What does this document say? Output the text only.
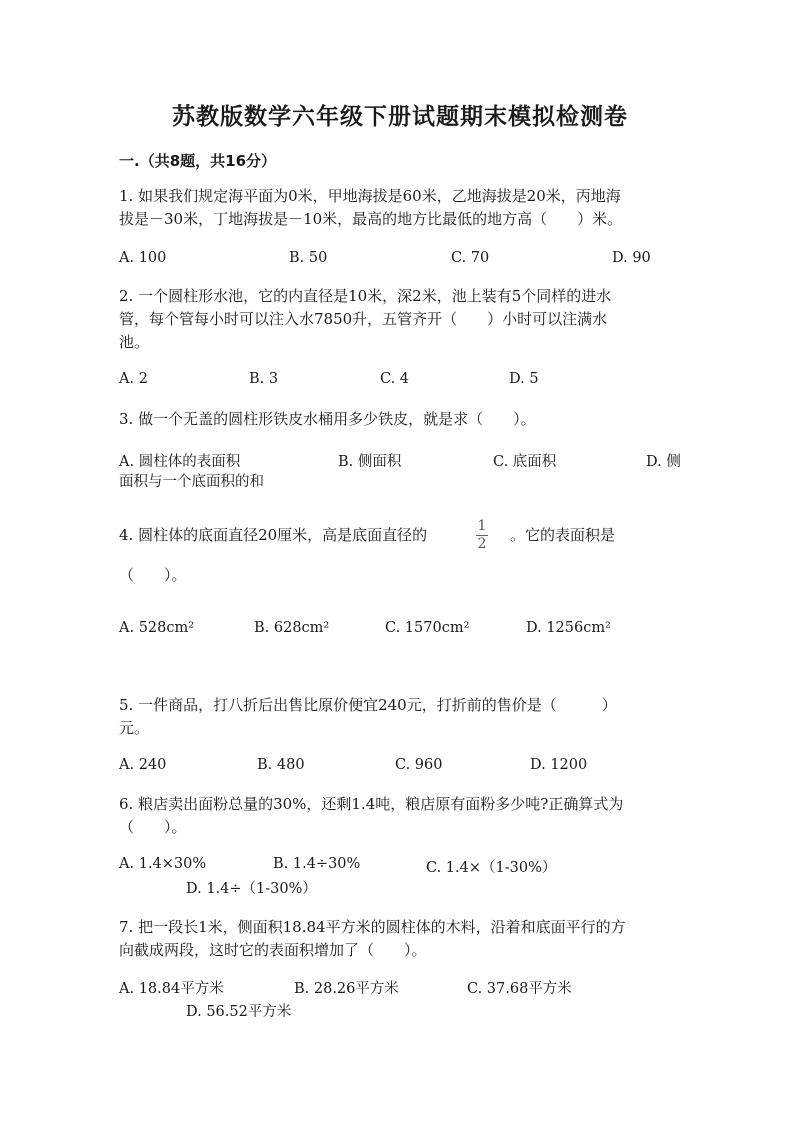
苏教版数学六年级下册试题期末模拟检测卷
一.（共8题，共16分）
1. 如果我们规定海平面为0米，甲地海拔是60米，乙地海拔是20米，丙地海
拔是－30米，丁地海拔是－10米，最高的地方比最低的地方高（　　）米。
A. 100	B. 50	C. 70	D. 90
2. 一个圆柱形水池，它的内直径是10米，深2米，池上装有5个同样的进水
管，每个管每小时可以注入水7850升，五管齐开（　　）小时可以注满水
池。
A. 2	B. 3	C. 4	D. 5
3. 做一个无盖的圆柱形铁皮水桶用多少铁皮，就是求（　　）。
A. 圆柱体的表面积	B. 侧面积	C. 底面积	D. 侧
面积与一个底面积的和
4. 圆柱体的底面直径20厘米，高是底面直径的	1
2 。它的表面积是
（　　）。
A. 528cm²	B. 628cm²	C. 1570cm²	D. 1256cm²
5. 一件商品，打八折后出售比原价便宜240元，打折前的售价是（　　　）
元。
A. 240	B. 480	C. 960	D. 1200
6. 粮店卖出面粉总量的30%，还剩1.4吨，粮店原有面粉多少吨?正确算式为
（　　）。
A. 1.4×30%	B. 1.4÷30%	C. 1.4×（1-30%）
D. 1.4÷（1-30%）
7. 把一段长1米，侧面积18.84平方米的圆柱体的木料，沿着和底面平行的方
向截成两段，这时它的表面积增加了（　　）。
A. 18.84平方米	B. 28.26平方米	C. 37.68平方米
D. 56.52平方米
